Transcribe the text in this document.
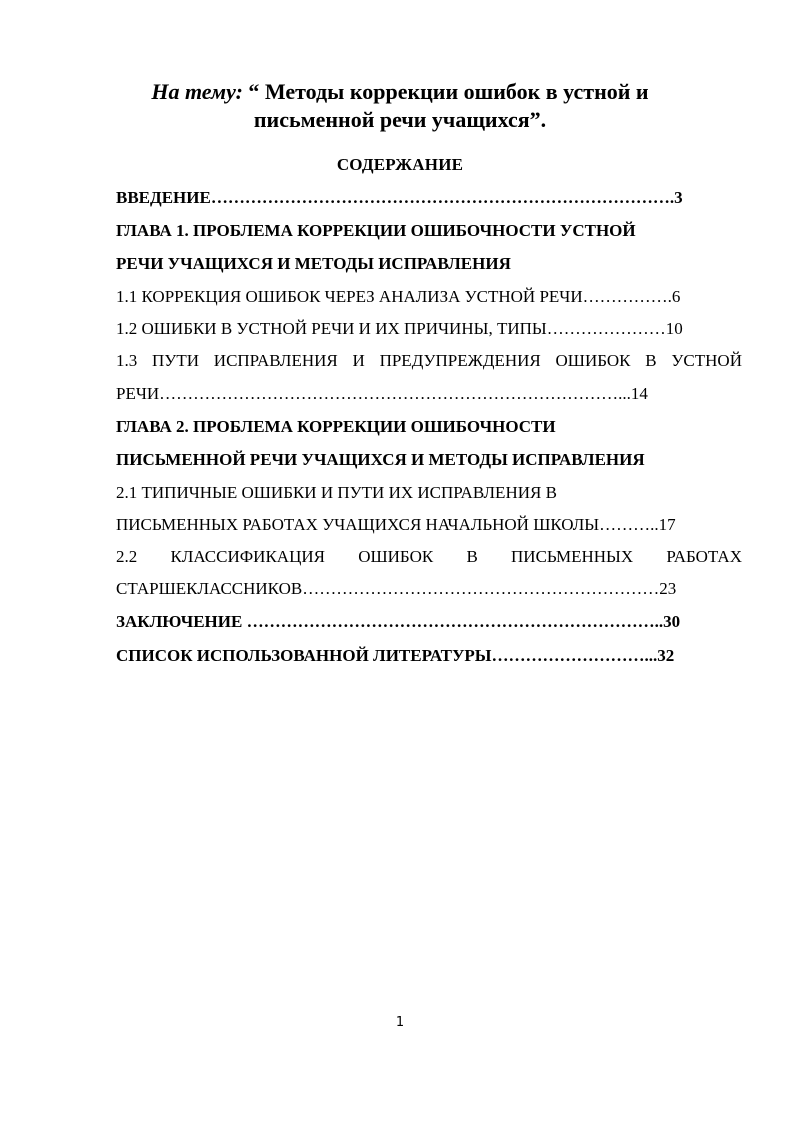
На тему: “ Методы коррекции ошибок в устной и
письменной речи учащихся”.
СОДЕРЖАНИЕ
ВВЕДЕНИЕ……………………………………………………………………….3
ГЛАВА 1. ПРОБЛЕМА КОРРЕКЦИИ ОШИБОЧНОСТИ УСТНОЙ
РЕЧИ УЧАЩИХСЯ И МЕТОДЫ ИСПРАВЛЕНИЯ
1.1 КОРРЕКЦИЯ ОШИБОК ЧЕРЕЗ АНАЛИЗА УСТНОЙ РЕЧИ…………….6
1.2 ОШИБКИ В УСТНОЙ РЕЧИ И ИХ ПРИЧИНЫ, ТИПЫ…………………10
1.3 ПУТИ ИСПРАВЛЕНИЯ И ПРЕДУПРЕЖДЕНИЯ ОШИБОК В УСТНОЙ
РЕЧИ………………………………………………………………………...14
ГЛАВА 2. ПРОБЛЕМА КОРРЕКЦИИ ОШИБОЧНОСТИ
ПИСЬМЕННОЙ РЕЧИ УЧАЩИХСЯ И МЕТОДЫ ИСПРАВЛЕНИЯ
2.1 ТИПИЧНЫЕ ОШИБКИ И ПУТИ ИХ ИСПРАВЛЕНИЯ В
ПИСЬМЕННЫХ РАБОТАХ УЧАЩИХСЯ НАЧАЛЬНОЙ ШКОЛЫ………..17
2.2 КЛАССИФИКАЦИЯ ОШИБОК В ПИСЬМЕННЫХ РАБОТАХ
СТАРШЕКЛАССНИКОВ………………………………………………………23
ЗАКЛЮЧЕНИЕ ………………………………………………………………..30
СПИСОК ИСПОЛЬЗОВАННОЙ ЛИТЕРАТУРЫ………………………...32
1
